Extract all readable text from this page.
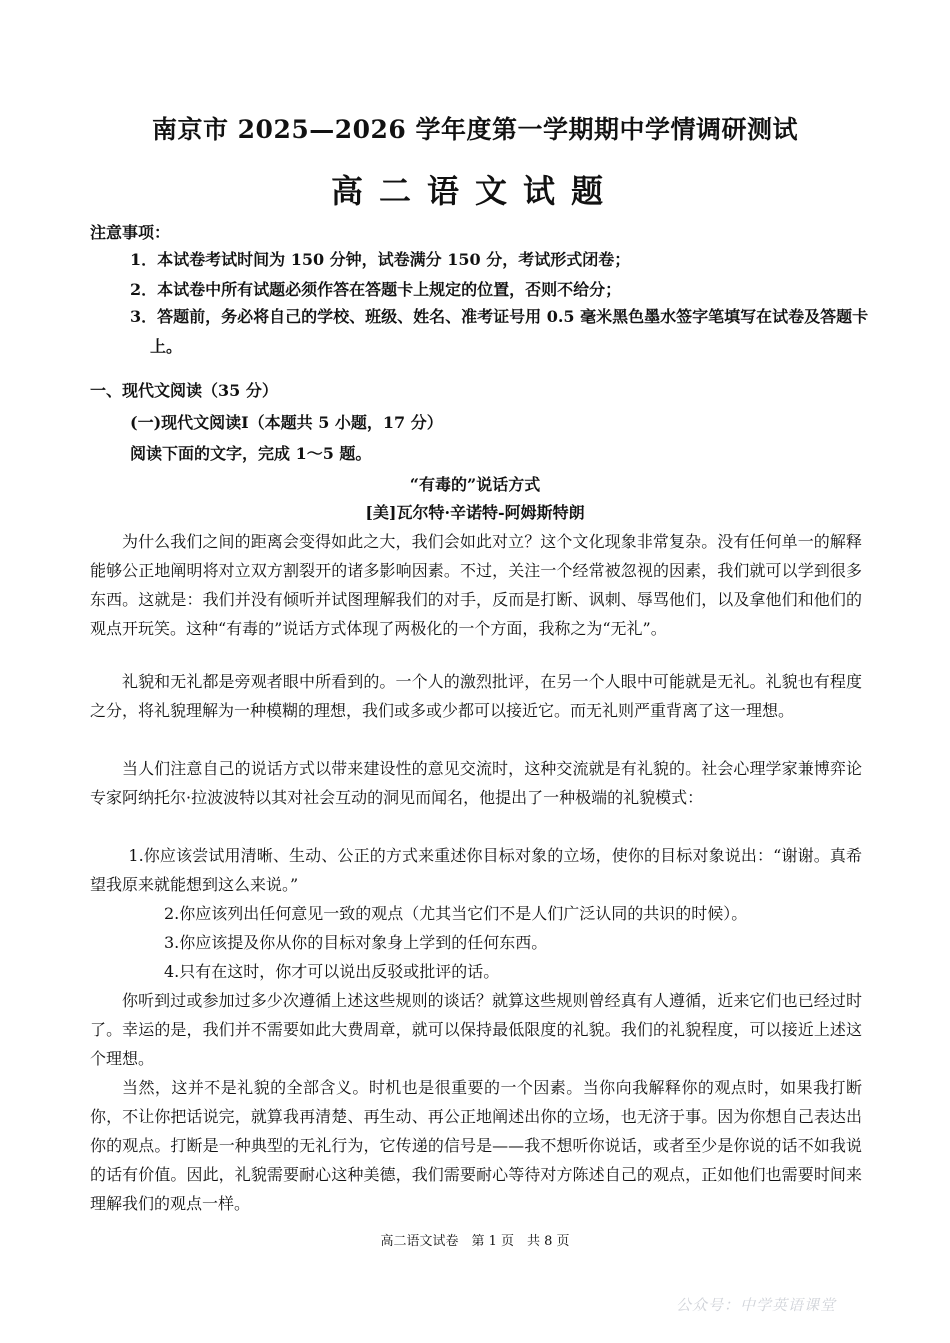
南京市 2025—2026 学年度第一学期期中学情调研测试
高二语文试题
注意事项：
1．本试卷考试时间为 150 分钟，试卷满分 150 分，考试形式闭卷；
2．本试卷中所有试题必须作答在答题卡上规定的位置，否则不给分；
3．答题前，务必将自己的学校、班级、姓名、准考证号用 0.5 毫米黑色墨水签字笔填写在试卷及答题卡上。
一、现代文阅读（35 分）
(一)现代文阅读Ⅰ（本题共 5 小题，17 分）
阅读下面的文字，完成 1～5 题。
“有毒的”说话方式
[美]瓦尔特·辛诺特-阿姆斯特朗
为什么我们之间的距离会变得如此之大，我们会如此对立？这个文化现象非常复杂。没有任何单一的解释能够公正地阐明将对立双方割裂开的诸多影响因素。不过，关注一个经常被忽视的因素，我们就可以学到很多东西。这就是：我们并没有倾听并试图理解我们的对手，反而是打断、讽刺、辱骂他们，以及拿他们和他们的观点开玩笑。这种“有毒的”说话方式体现了两极化的一个方面，我称之为“无礼”。
礼貌和无礼都是旁观者眼中所看到的。一个人的激烈批评，在另一个人眼中可能就是无礼。礼貌也有程度之分，将礼貌理解为一种模糊的理想，我们或多或少都可以接近它。而无礼则严重背离了这一理想。
当人们注意自己的说话方式以带来建设性的意见交流时，这种交流就是有礼貌的。社会心理学家兼博弈论专家阿纳托尔·拉波波特以其对社会互动的洞见而闻名，他提出了一种极端的礼貌模式：
1.你应该尝试用清晰、生动、公正的方式来重述你目标对象的立场，使你的目标对象说出：“谢谢。真希望我原来就能想到这么来说。”
2.你应该列出任何意见一致的观点（尤其当它们不是人们广泛认同的共识的时候）。
3.你应该提及你从你的目标对象身上学到的任何东西。
4.只有在这时，你才可以说出反驳或批评的话。
你听到过或参加过多少次遵循上述这些规则的谈话？就算这些规则曾经真有人遵循，近来它们也已经过时了。幸运的是，我们并不需要如此大费周章，就可以保持最低限度的礼貌。我们的礼貌程度，可以接近上述这个理想。
当然，这并不是礼貌的全部含义。时机也是很重要的一个因素。当你向我解释你的观点时，如果我打断你，不让你把话说完，就算我再清楚、再生动、再公正地阐述出你的立场，也无济于事。因为你想自己表达出你的观点。打断是一种典型的无礼行为，它传递的信号是——我不想听你说话，或者至少是你说的话不如我说的话有价值。因此，礼貌需要耐心这种美德，我们需要耐心等待对方陈述自己的观点，正如他们也需要时间来理解我们的观点一样。
高二语文试卷　第 1 页　共 8 页
公众号：中学英语课堂
